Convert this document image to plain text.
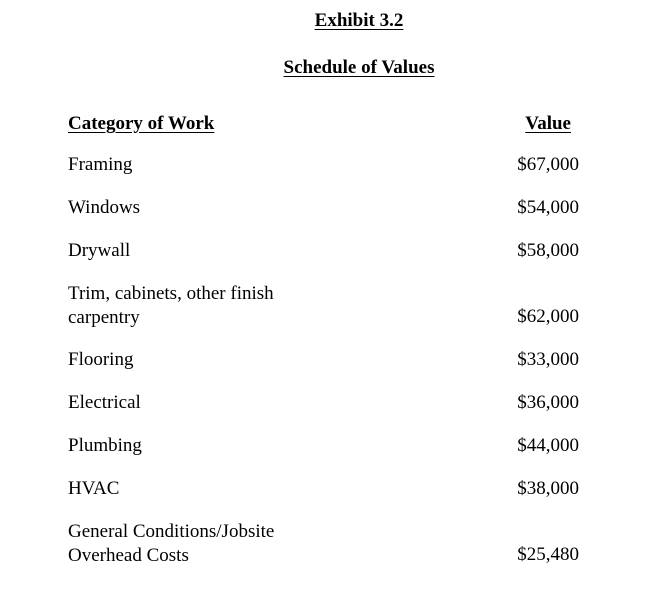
Exhibit 3.2
Schedule of Values
Category of Work	Value
Framing	$67,000
Windows	$54,000
Drywall	$58,000
Trim, cabinets, other finish carpentry	$62,000
Flooring	$33,000
Electrical	$36,000
Plumbing	$44,000
HVAC	$38,000
General Conditions/Jobsite Overhead Costs	$25,480
